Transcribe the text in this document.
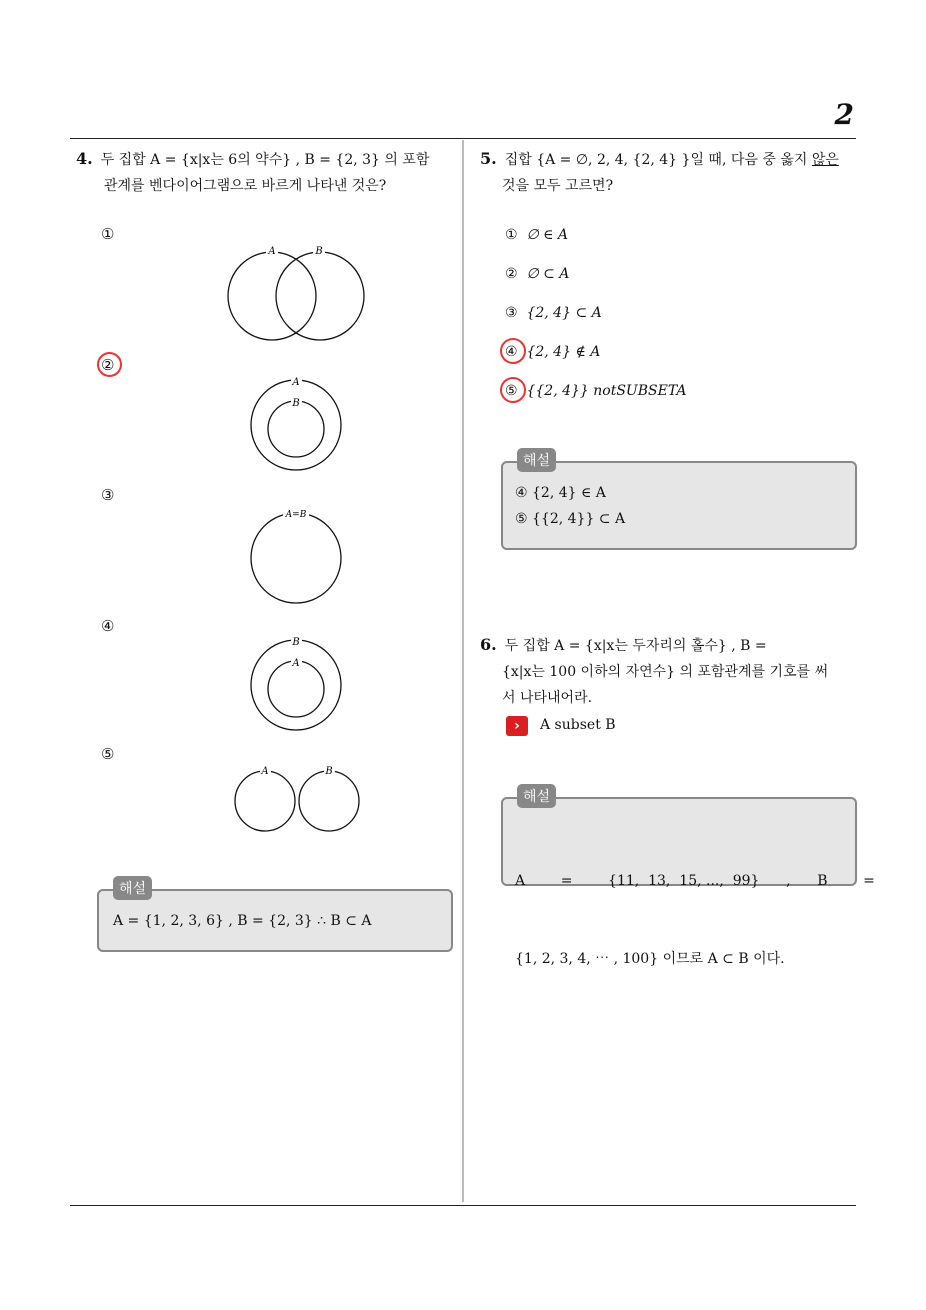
2
4. 두 집합 A = {x|x는 6의 약수} , B = {2, 3} 의 포함
관계를 벤다이어그램으로 바르게 나타낸 것은?
①
A	B
②
A
B
③
A=B
④
B
A
⑤
A	B
해설
A = {1, 2, 3, 6} , B = {2, 3} ∴ B ⊂ A
5. 집합 {A = ∅, 2, 4, {2, 4} }일 때, 다음 중 옳지 않은
것을 모두 고르면?
① ∅ ∈ A
② ∅ ⊂ A
③ {2, 4} ⊂ A
④ {2, 4} ∉ A
⑤ {{2, 4}} notSUBSETA
해설
④ {2, 4} ∈ A
⑤ {{2, 4}} ⊂ A
6. 두 집합 A = {x|x는 두자리의 홀수} , B =
{x|x는 100 이하의 자연수} 의 포함관계를 기호를 써
서 나타내어라.
›	A subset B
해설

A        =        {11,  13,  15, ...,  99}      ,      B        =

{1, 2, 3, 4, ⋯ , 100} 이므로 A ⊂ B 이다.
